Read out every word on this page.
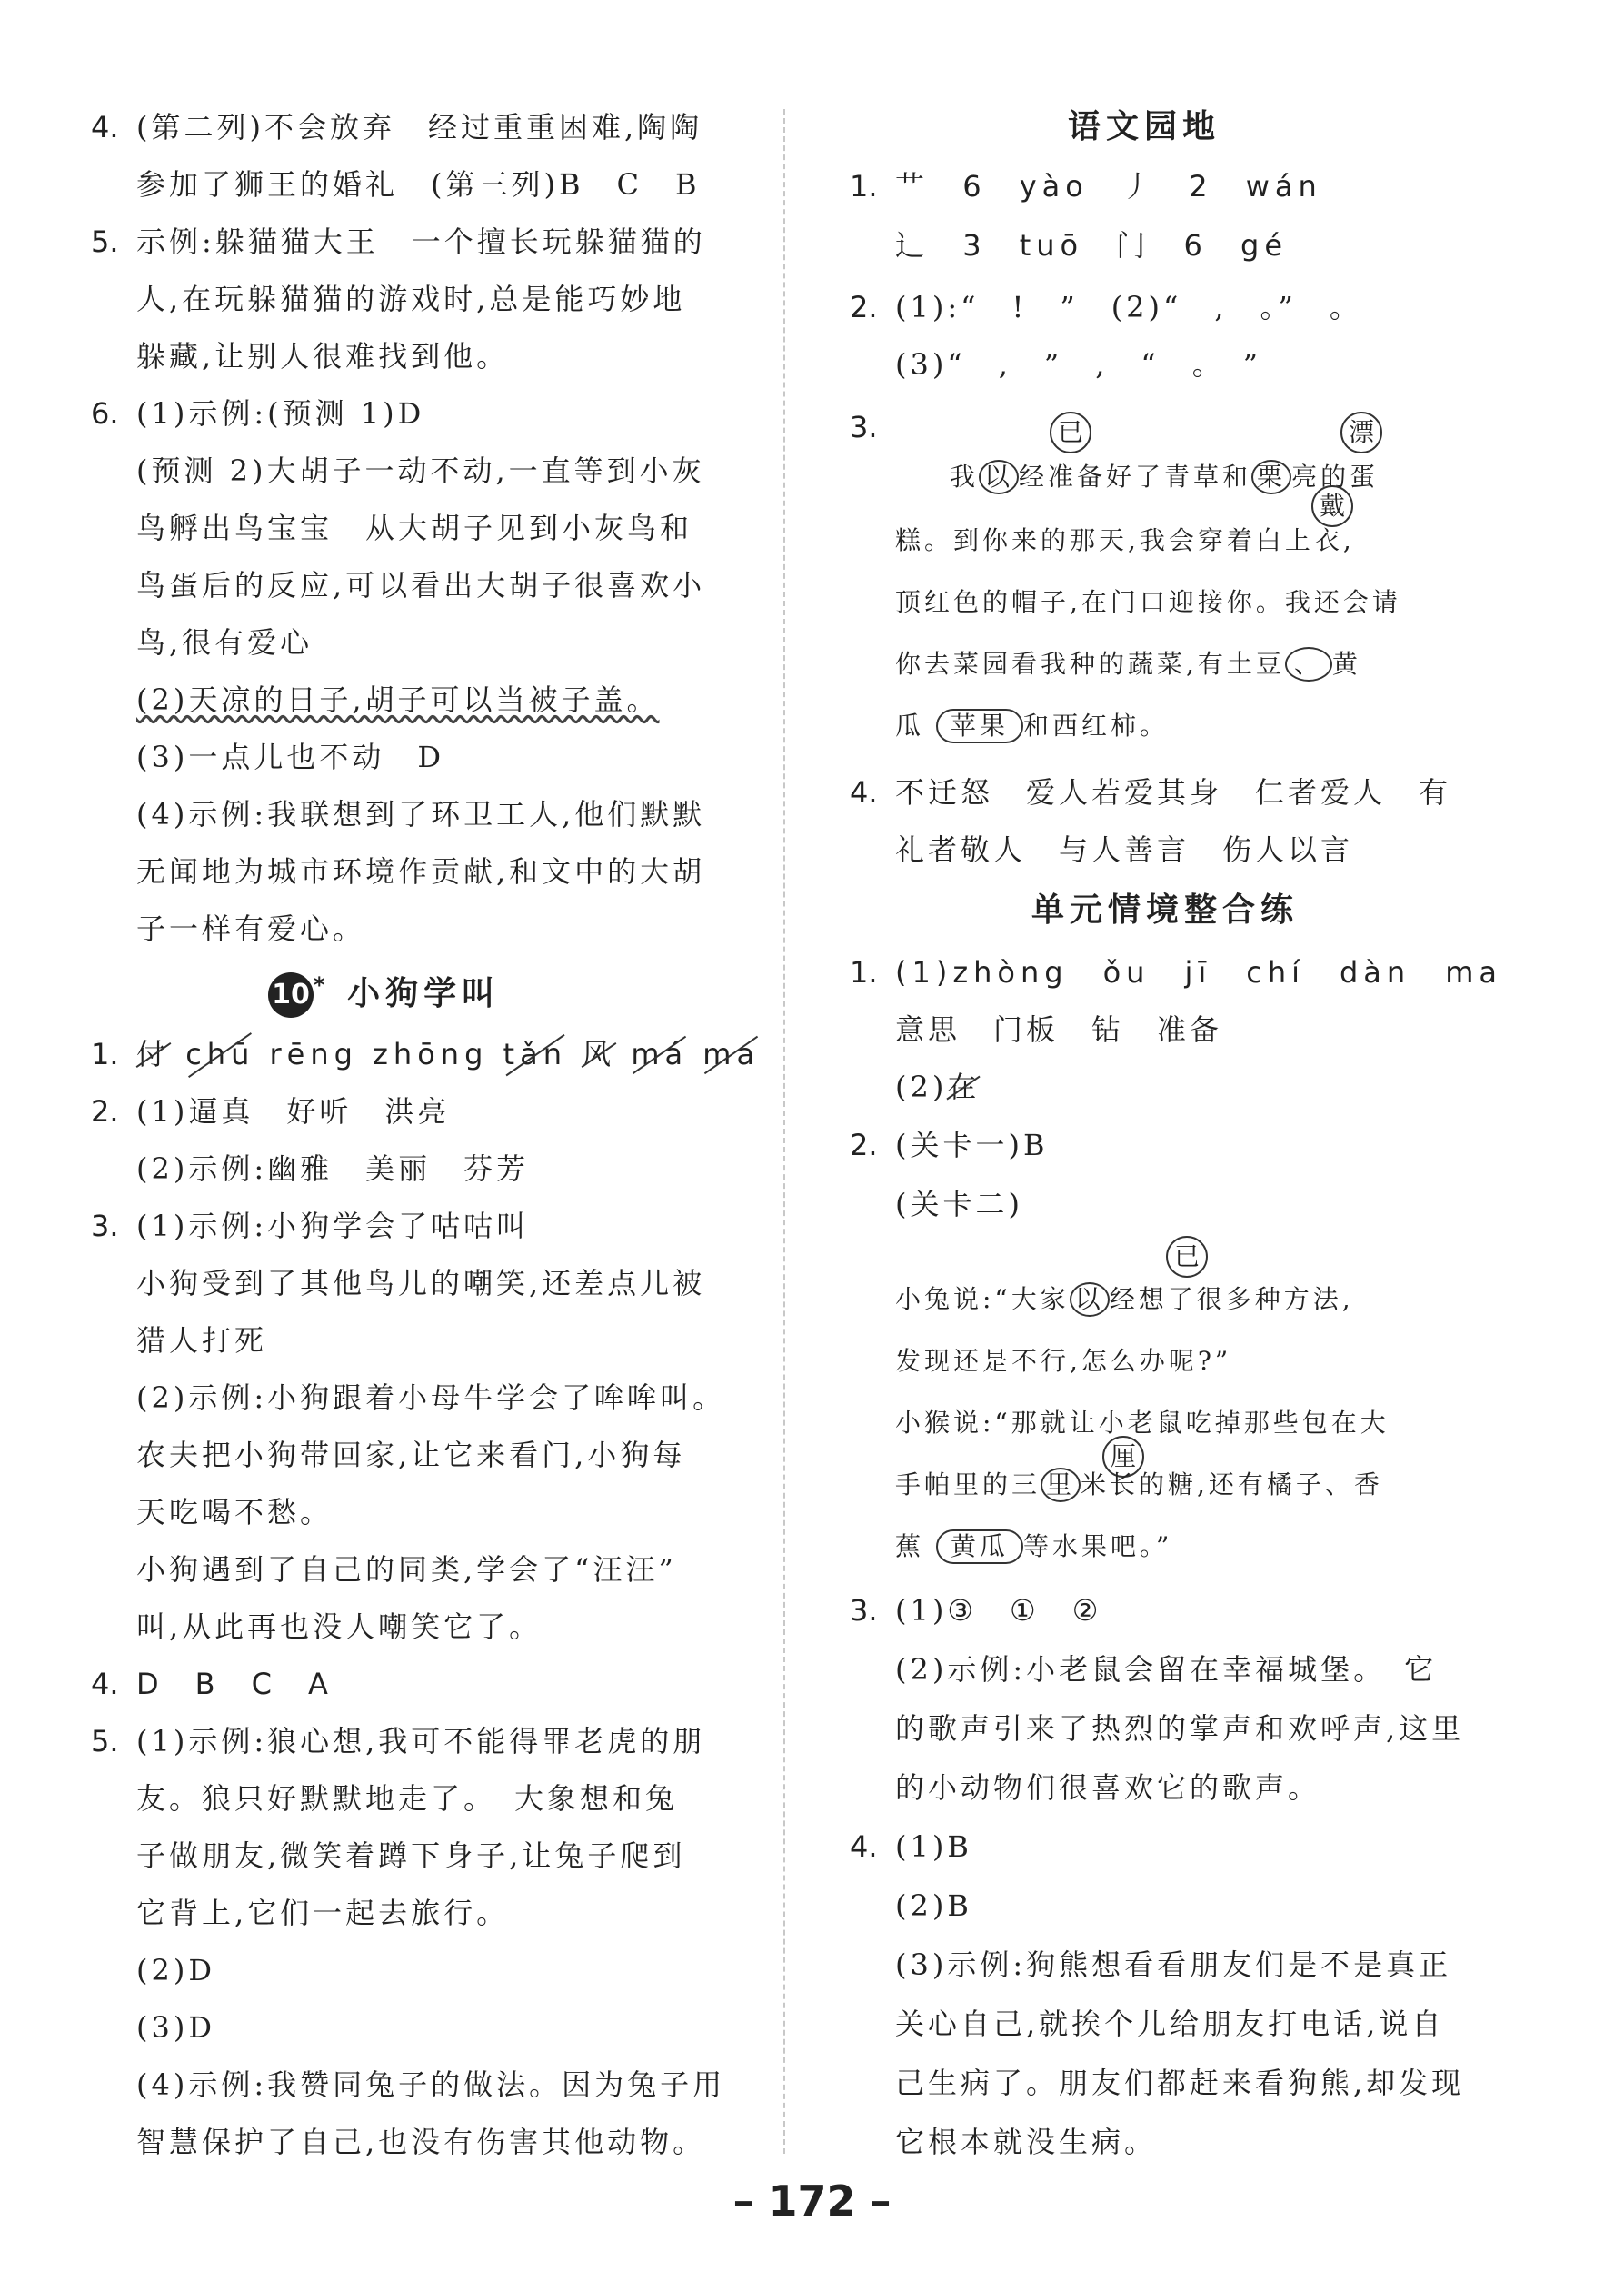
4. (第二列)不会放弃　经过重重困难,陶陶
参加了狮王的婚礼　(第三列)B　C　B
5. 示例:躲猫猫大王　一个擅长玩躲猫猫的
人,在玩躲猫猫的游戏时,总是能巧妙地
躲藏,让别人很难找到他。
6. (1)示例:(预测 1)D
(预测 2)大胡子一动不动,一直等到小灰
鸟孵出鸟宝宝　从大胡子见到小灰鸟和
鸟蛋后的反应,可以看出大胡子很喜欢小
鸟,很有爱心
(2)天凉的日子,胡子可以当被子盖。
(3)一点儿也不动　D
(4)示例:我联想到了环卫工人,他们默默
无闻地为城市环境作贡献,和文中的大胡
子一样有爱心。
10 * 小狗学叫
1. 付 chū rēng zhōng tǎn 风 má ma
2. (1)逼真　好听　洪亮
(2)示例:幽雅　美丽　芬芳
3. (1)示例:小狗学会了咕咕叫
小狗受到了其他鸟儿的嘲笑,还差点儿被
猎人打死
(2)示例:小狗跟着小母牛学会了哞哞叫。
农夫把小狗带回家,让它来看门,小狗每
天吃喝不愁。
小狗遇到了自己的同类,学会了“汪汪”
叫,从此再也没人嘲笑它了。
4. D　B　C　A
5. (1)示例:狼心想,我可不能得罪老虎的朋
友。狼只好默默地走了。　大象想和兔
子做朋友,微笑着蹲下身子,让兔子爬到
它背上,它们一起去旅行。
(2)D
(3)D
(4)示例:我赞同兔子的做法。因为兔子用
智慧保护了自己,也没有伤害其他动物。
语文园地
1. 艹 6 yào 丿 2 wán
辶 3 tuō 门 6 gé
2. (1):“　!　”　(2)“　,　。”　。
(3)“　,　”　,　“　。　”
3.	已	漂
戴
我 以 经准备好了青草和 栗 亮的蛋
糕。到你来的那天,我会穿着白上衣,
顶红色的帽子,在门口迎接你。我还会请
你去菜园看我种的蔬菜,有土豆 、 黄
瓜 苹果 和西红柿。
4. 不迁怒　爱人若爱其身　仁者爱人　有
礼者敬人　与人善言　伤人以言
单元情境整合练
1. (1)zhòng　ǒu　jī　chí　dàn　ma
意思　门板　钻　准备
(2)在
2. (关卡一)B
(关卡二)
已
小兔说:“大家 以 经想了很多种方法,
发现还是不行,怎么办呢?”
小猴说:“那就让小老鼠吃掉那些包在大
厘
手帕里的三 里 米长的糖,还有橘子、香
蕉 黄瓜 等水果吧。”
3. (1)③　①　②
(2)示例:小老鼠会留在幸福城堡。　它
的歌声引来了热烈的掌声和欢呼声,这里
的小动物们很喜欢它的歌声。
4. (1)B
(2)B
(3)示例:狗熊想看看朋友们是不是真正
关心自己,就挨个儿给朋友打电话,说自
己生病了。朋友们都赶来看狗熊,却发现
它根本就没生病。
– 172 –
